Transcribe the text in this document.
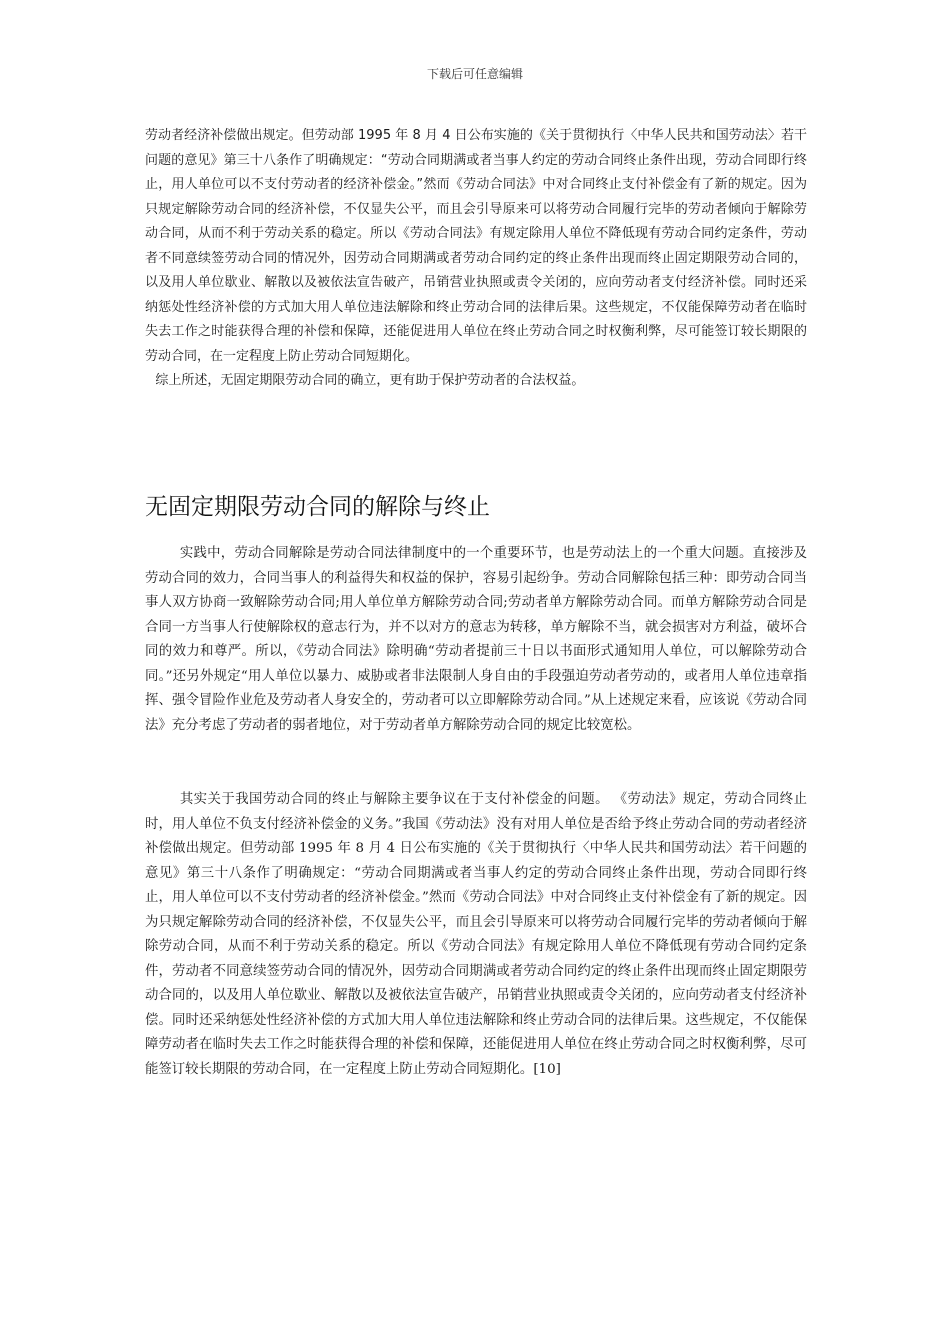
下载后可任意编辑

劳动者经济补偿做出规定。但劳动部 1995 年 8 月 4 日公布实施的《关于贯彻执行〈中华人民共和国劳动法〉若干问题的意见》第三十八条作了明确规定：“劳动合同期满或者当事人约定的劳动合同终止条件出现，劳动合同即行终止，用人单位可以不支付劳动者的经济补偿金。”然而《劳动合同法》中对合同终止支付补偿金有了新的规定。因为只规定解除劳动合同的经济补偿，不仅显失公平，而且会引导原来可以将劳动合同履行完毕的劳动者倾向于解除劳动合同，从而不利于劳动关系的稳定。所以《劳动合同法》有规定除用人单位不降低现有劳动合同约定条件，劳动者不同意续签劳动合同的情况外，因劳动合同期满或者劳动合同约定的终止条件出现而终止固定期限劳动合同的，以及用人单位歇业、解散以及被依法宣告破产，吊销营业执照或责令关闭的，应向劳动者支付经济补偿。同时还采纳惩处性经济补偿的方式加大用人单位违法解除和终止劳动合同的法律后果。这些规定，不仅能保障劳动者在临时失去工作之时能获得合理的补偿和保障，还能促进用人单位在终止劳动合同之时权衡利弊，尽可能签订较长期限的劳动合同，在一定程度上防止劳动合同短期化。

综上所述，无固定期限劳动合同的确立，更有助于保护劳动者的合法权益。

无固定期限劳动合同的解除与终止

实践中，劳动合同解除是劳动合同法律制度中的一个重要环节，也是劳动法上的一个重大问题。直接涉及劳动合同的效力，合同当事人的利益得失和权益的保护，容易引起纷争。劳动合同解除包括三种：即劳动合同当事人双方协商一致解除劳动合同;用人单位单方解除劳动合同;劳动者单方解除劳动合同。而单方解除劳动合同是合同一方当事人行使解除权的意志行为，并不以对方的意志为转移，单方解除不当，就会损害对方利益，破坏合同的效力和尊严。所以，《劳动合同法》除明确“劳动者提前三十日以书面形式通知用人单位，可以解除劳动合同。”还另外规定“用人单位以暴力、威胁或者非法限制人身自由的手段强迫劳动者劳动的，或者用人单位违章指挥、强令冒险作业危及劳动者人身安全的，劳动者可以立即解除劳动合同。”从上述规定来看，应该说《劳动合同法》充分考虑了劳动者的弱者地位，对于劳动者单方解除劳动合同的规定比较宽松。

其实关于我国劳动合同的终止与解除主要争议在于支付补偿金的问题。 《劳动法》规定，劳动合同终止时，用人单位不负支付经济补偿金的义务。”我国《劳动法》没有对用人单位是否给予终止劳动合同的劳动者经济补偿做出规定。但劳动部 1995 年 8 月 4 日公布实施的《关于贯彻执行〈中华人民共和国劳动法〉若干问题的意见》第三十八条作了明确规定：“劳动合同期满或者当事人约定的劳动合同终止条件出现，劳动合同即行终止，用人单位可以不支付劳动者的经济补偿金。”然而《劳动合同法》中对合同终止支付补偿金有了新的规定。因为只规定解除劳动合同的经济补偿，不仅显失公平，而且会引导原来可以将劳动合同履行完毕的劳动者倾向于解除劳动合同，从而不利于劳动关系的稳定。所以《劳动合同法》有规定除用人单位不降低现有劳动合同约定条件，劳动者不同意续签劳动合同的情况外，因劳动合同期满或者劳动合同约定的终止条件出现而终止固定期限劳动合同的，以及用人单位歇业、解散以及被依法宣告破产，吊销营业执照或责令关闭的，应向劳动者支付经济补偿。同时还采纳惩处性经济补偿的方式加大用人单位违法解除和终止劳动合同的法律后果。这些规定，不仅能保障劳动者在临时失去工作之时能获得合理的补偿和保障，还能促进用人单位在终止劳动合同之时权衡利弊，尽可能签订较长期限的劳动合同，在一定程度上防止劳动合同短期化。[10]
